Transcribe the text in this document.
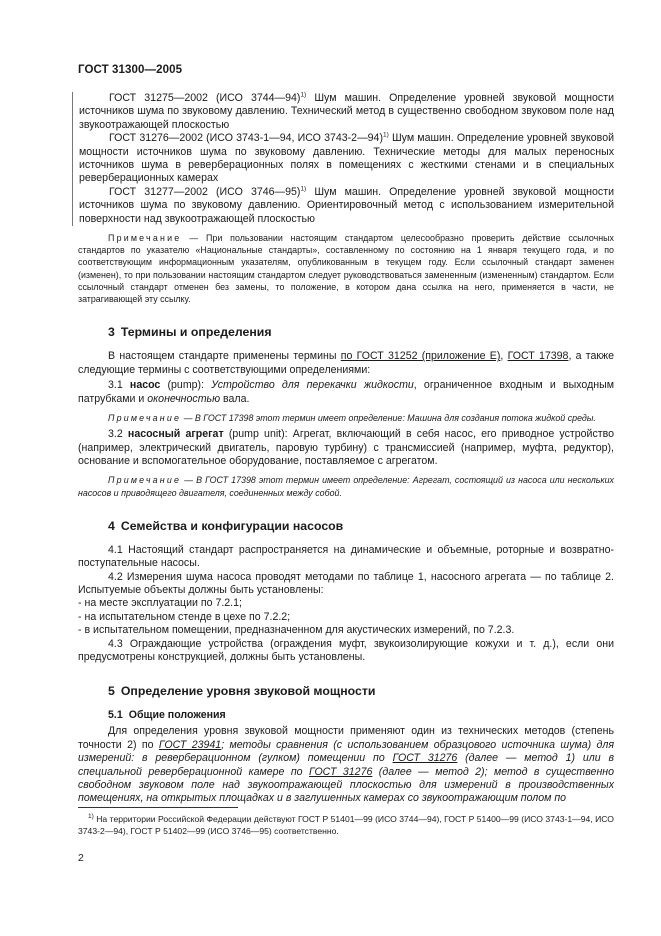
ГОСТ 31300—2005

ГОСТ 31275—2002 (ИСО 3744—94)$^{1)}$ Шум машин. Определение уровней звуковой мощности источников шума по звуковому давлению. Технический метод в существенно свободном звуковом поле над звукоотражающей плоскостью

ГОСТ 31276—2002 (ИСО 3743-1—94, ИСО 3743-2—94)$^{1)}$ Шум машин. Определение уровней звуковой мощности источников шума по звуковому давлению. Технические методы для малых переносных источников шума в реверберационных полях в помещениях с жесткими стенами и в специальных реверберационных камерах

ГОСТ 31277—2002 (ИСО 3746—95)$^{1)}$ Шум машин. Определение уровней звуковой мощности источников шума по звуковому давлению. Ориентировочный метод с использованием измерительной поверхности над звукоотражающей плоскостью

Примечание — При пользовании настоящим стандартом целесообразно проверить действие ссылочных стандартов по указателю «Национальные стандарты», составленному по состоянию на 1 января текущего года, и по соответствующим информационным указателям, опубликованным в текущем году. Если ссылочный стандарт заменен (изменен), то при пользовании настоящим стандартом следует руководствоваться замененным (измененным) стандартом. Если ссылочный стандарт отменен без замены, то положение, в котором дана ссылка на него, применяется в части, не затрагивающей эту ссылку.

3 Термины и определения

В настоящем стандарте применены термины по ГОСТ 31252 (приложение Е), ГОСТ 17398, а также следующие термины с соответствующими определениями:

3.1 насос (pump): Устройство для перекачки жидкости, ограниченное входным и выходным патрубками и оконечностью вала.

Примечание — В ГОСТ 17398 этот термин имеет определение: Машина для создания потока жидкой среды.

3.2 насосный агрегат (pump unit): Агрегат, включающий в себя насос, его приводное устройство (например, электрический двигатель, паровую турбину) с трансмиссией (например, муфта, редуктор), основание и вспомогательное оборудование, поставляемое с агрегатом.

Примечание — В ГОСТ 17398 этот термин имеет определение: Агрегат, состоящий из насоса или нескольких насосов и приводящего двигателя, соединенных между собой.

4 Семейства и конфигурации насосов

4.1 Настоящий стандарт распространяется на динамические и объемные, роторные и возвратно-поступательные насосы.

4.2 Измерения шума насоса проводят методами по таблице 1, насосного агрегата — по таблице 2. Испытуемые объекты должны быть установлены:

- на месте эксплуатации по 7.2.1;

- на испытательном стенде в цехе по 7.2.2;

- в испытательном помещении, предназначенном для акустических измерений, по 7.2.3.

4.3 Ограждающие устройства (ограждения муфт, звукоизолирующие кожухи и т. д.), если они предусмотрены конструкцией, должны быть установлены.

5 Определение уровня звуковой мощности
5.1 Общие положения

Для определения уровня звуковой мощности применяют один из технических методов (степень точности 2) по ГОСТ 23941; методы сравнения (с использованием образцового источника шума) для измерений: в реверберационном (гулком) помещении по ГОСТ 31276 (далее — метод 1) или в специальной реверберационной камере по ГОСТ 31276 (далее — метод 2); метод в существенно свободном звуковом поле над звукоотражающей плоскостью для измерений в производственных помещениях, на открытых площадках и в заглушенных камерах со звукоотражающим полом по

$^{1)}$ На территории Российской Федерации действуют ГОСТ Р 51401—99 (ИСО 3744—94), ГОСТ Р 51400—99 (ИСО 3743-1—94, ИСО 3743-2—94), ГОСТ Р 51402—99 (ИСО 3746—95) соответственно.
2
